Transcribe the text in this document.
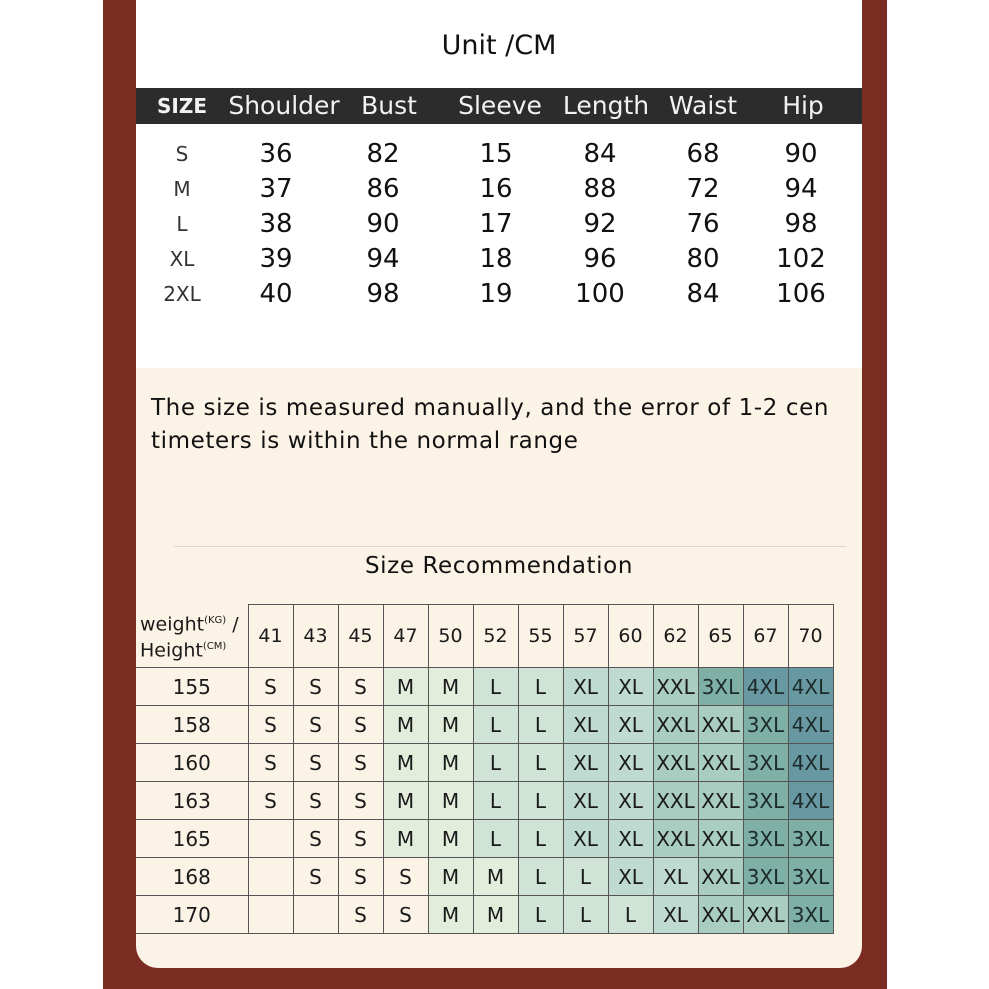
Unit /CM
SIZE Shoulder Bust Sleeve Length Waist Hip
S	36	82	15	84	68 90
M	37	86	16	88	72 94
L	38	90	17	92	76 98
XL	39	94	18	96	80 102
2XL 40	98	19 100 84 106
The size is measured manually, and the error of 1-2 cen timeters is within the normal range
Size Recommendation
weight$^{(KG)}$ /
Height$^{(CM)}$	41	43	45	47	50	52	55	57	60	62	65	67	70
155	S	S	S	M	M	L	L	XL	XL	XXL	3XL	4XL	4XL
158	S	S	S	M	M	L	L	XL	XL	XXL	XXL	3XL	4XL
160	S	S	S	M	M	L	L	XL	XL	XXL	XXL	3XL	4XL
163	S	S	S	M	M	L	L	XL	XL	XXL	XXL	3XL	4XL
165		S	S	M	M	L	L	XL	XL	XXL	XXL	3XL	3XL
168		S	S	S	M	M	L	L	XL	XL	XXL	3XL	3XL
170			S	S	M	M	L	L	L	XL	XXL	XXL	3XL
